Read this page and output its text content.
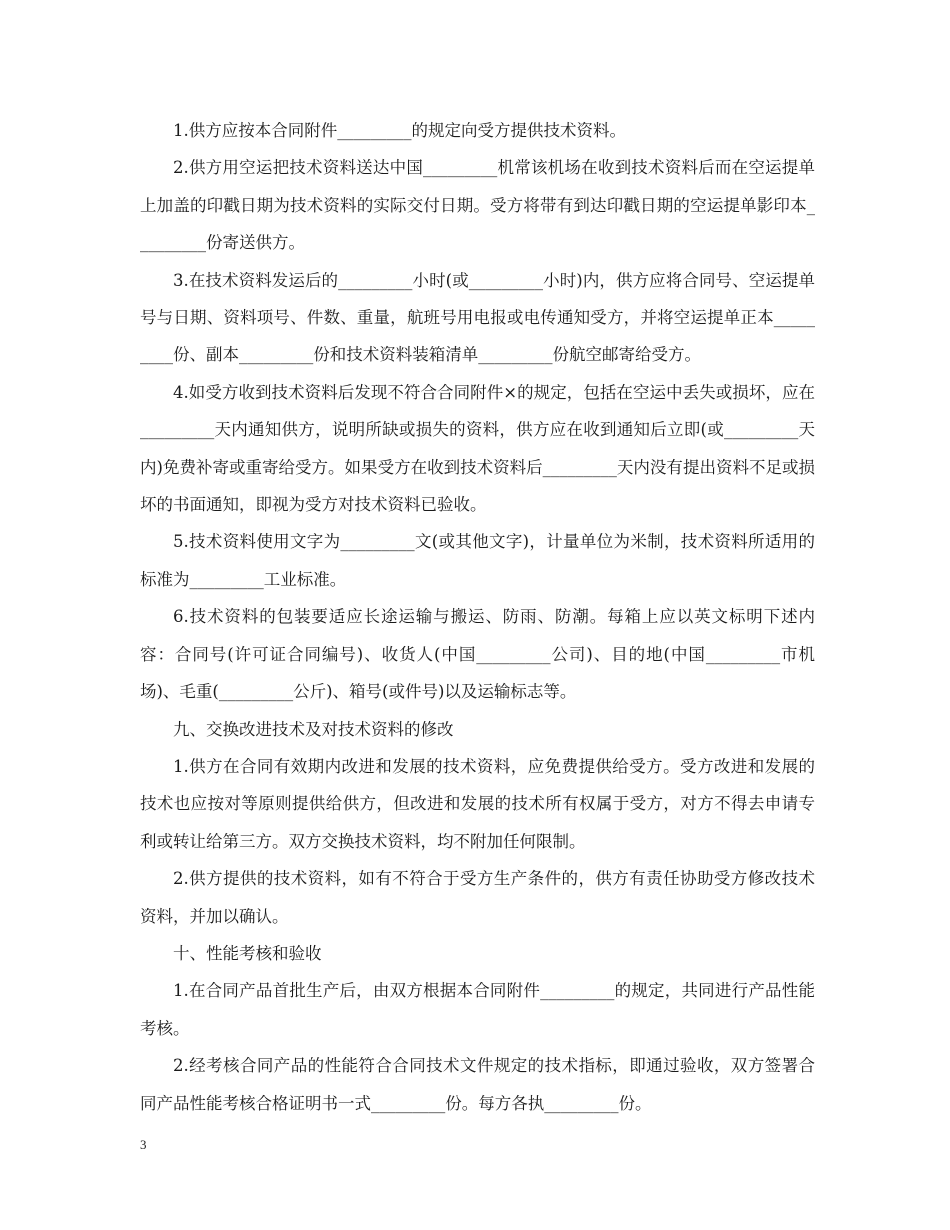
1.供方应按本合同附件_________的规定向受方提供技术资料。

2.供方用空运把技术资料送达中国_________机常该机场在收到技术资料后而在空运提单上加盖的印戳日期为技术资料的实际交付日期。受方将带有到达印戳日期的空运提单影印本_________份寄送供方。

3.在技术资料发运后的_________小时(或_________小时)内，供方应将合同号、空运提单号与日期、资料项号、件数、重量，航班号用电报或电传通知受方，并将空运提单正本_________份、副本_________份和技术资料装箱清单_________份航空邮寄给受方。

4.如受方收到技术资料后发现不符合合同附件×的规定，包括在空运中丢失或损坏，应在_________天内通知供方，说明所缺或损失的资料，供方应在收到通知后立即(或_________天内)免费补寄或重寄给受方。如果受方在收到技术资料后_________天内没有提出资料不足或损坏的书面通知，即视为受方对技术资料已验收。

5.技术资料使用文字为_________文(或其他文字)，计量单位为米制，技术资料所适用的标准为_________工业标准。

6.技术资料的包装要适应长途运输与搬运、防雨、防潮。每箱上应以英文标明下述内容：合同号(许可证合同编号)、收货人(中国_________公司)、目的地(中国_________市机场)、毛重(_________公斤)、箱号(或件号)以及运输标志等。

九、交换改进技术及对技术资料的修改

1.供方在合同有效期内改进和发展的技术资料，应免费提供给受方。受方改进和发展的技术也应按对等原则提供给供方，但改进和发展的技术所有权属于受方，对方不得去申请专利或转让给第三方。双方交换技术资料，均不附加任何限制。

2.供方提供的技术资料，如有不符合于受方生产条件的，供方有责任协助受方修改技术资料，并加以确认。

十、性能考核和验收

1.在合同产品首批生产后，由双方根据本合同附件_________的规定，共同进行产品性能考核。

2.经考核合同产品的性能符合合同技术文件规定的技术指标，即通过验收，双方签署合同产品性能考核合格证明书一式_________份。每方各执_________份。

3
